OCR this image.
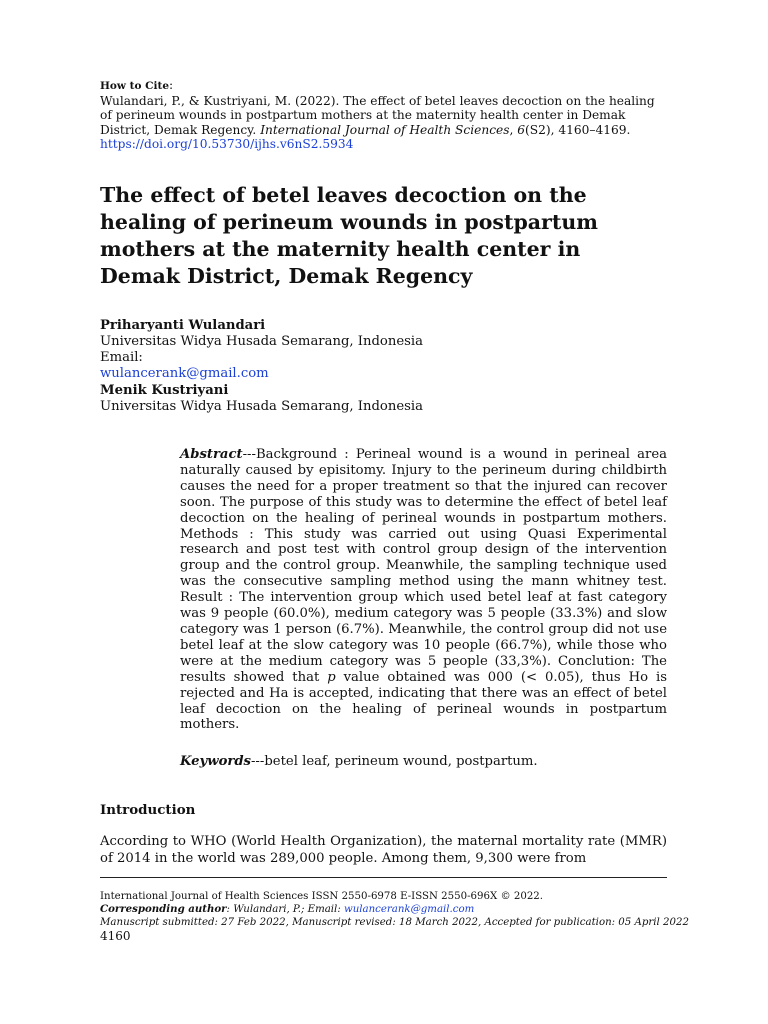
How to Cite:

Wulandari, P., & Kustriyani, M. (2022). The effect of betel leaves decoction on the healing of perineum wounds in postpartum mothers at the maternity health center in Demak District, Demak Regency. International Journal of Health Sciences, 6(S2), 4160–4169.

https://doi.org/10.53730/ijhs.v6nS2.5934

The effect of betel leaves decoction on the healing of perineum wounds in postpartum mothers at the maternity health center in Demak District, Demak Regency
Priharyanti Wulandari
Universitas Widya Husada Semarang, Indonesia
Email:
wulancerank@gmail.com
Menik Kustriyani
Universitas Widya Husada Semarang, Indonesia

Abstract---Background : Perineal wound is a wound in perineal area naturally caused by episitomy. Injury to the perineum during childbirth causes the need for a proper treatment so that the injured can recover soon. The purpose of this study was to determine the effect of betel leaf decoction on the healing of perineal wounds in postpartum mothers. Methods : This study was carried out using Quasi Experimental research and post test with control group design of the intervention group and the control group. Meanwhile, the sampling technique used was the consecutive sampling method using the mann whitney test. Result : The intervention group which used betel leaf at fast category was 9 people (60.0%), medium category was 5 people (33.3%) and slow category was 1 person (6.7%). Meanwhile, the control group did not use betel leaf at the slow category was 10 people (66.7%), while those who were at the medium category was 5 people (33,3%). Conclution: The results showed that p value obtained was 000 (< 0.05), thus Ho is rejected and Ha is accepted, indicating that there was an effect of betel leaf decoction on the healing of perineal wounds in postpartum mothers.

Keywords---betel leaf, perineum wound, postpartum.

Introduction

According to WHO (World Health Organization), the maternal mortality rate (MMR) of 2014 in the world was 289,000 people. Among them, 9,300 were from

International Journal of Health Sciences ISSN 2550-6978 E-ISSN 2550-696X © 2022.
Corresponding author: Wulandari, P.; Email: wulancerank@gmail.com
Manuscript submitted: 27 Feb 2022, Manuscript revised: 18 March 2022, Accepted for publication: 05 April 2022
4160
